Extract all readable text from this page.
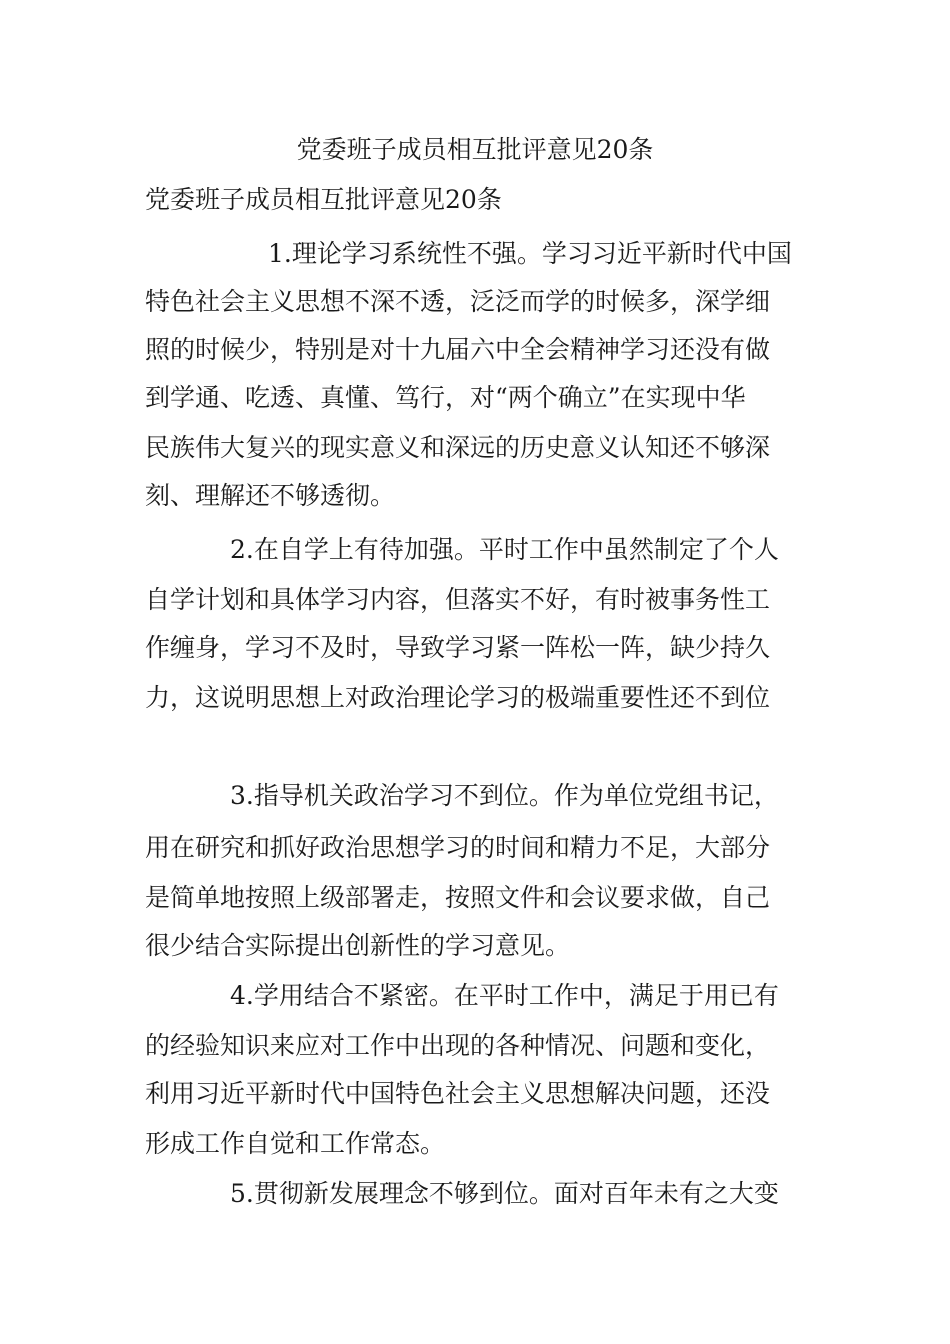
党委班子成员相互批评意见20条
党委班子成员相互批评意见20条
1.理论学习系统性不强。学习习近平新时代中国
特色社会主义思想不深不透，泛泛而学的时候多，深学细
照的时候少，特别是对十九届六中全会精神学习还没有做
到学通、吃透、真懂、笃行，对“两个确立”在实现中华
民族伟大复兴的现实意义和深远的历史意义认知还不够深
刻、理解还不够透彻。
2.在自学上有待加强。平时工作中虽然制定了个人
自学计划和具体学习内容，但落实不好，有时被事务性工
作缠身，学习不及时，导致学习紧一阵松一阵，缺少持久
力，这说明思想上对政治理论学习的极端重要性还不到位
3.指导机关政治学习不到位。作为单位党组书记，
用在研究和抓好政治思想学习的时间和精力不足，大部分
是简单地按照上级部署走，按照文件和会议要求做，自己
很少结合实际提出创新性的学习意见。
4.学用结合不紧密。在平时工作中，满足于用已有
的经验知识来应对工作中出现的各种情况、问题和变化，
利用习近平新时代中国特色社会主义思想解决问题，还没
形成工作自觉和工作常态。
5.贯彻新发展理念不够到位。面对百年未有之大变
